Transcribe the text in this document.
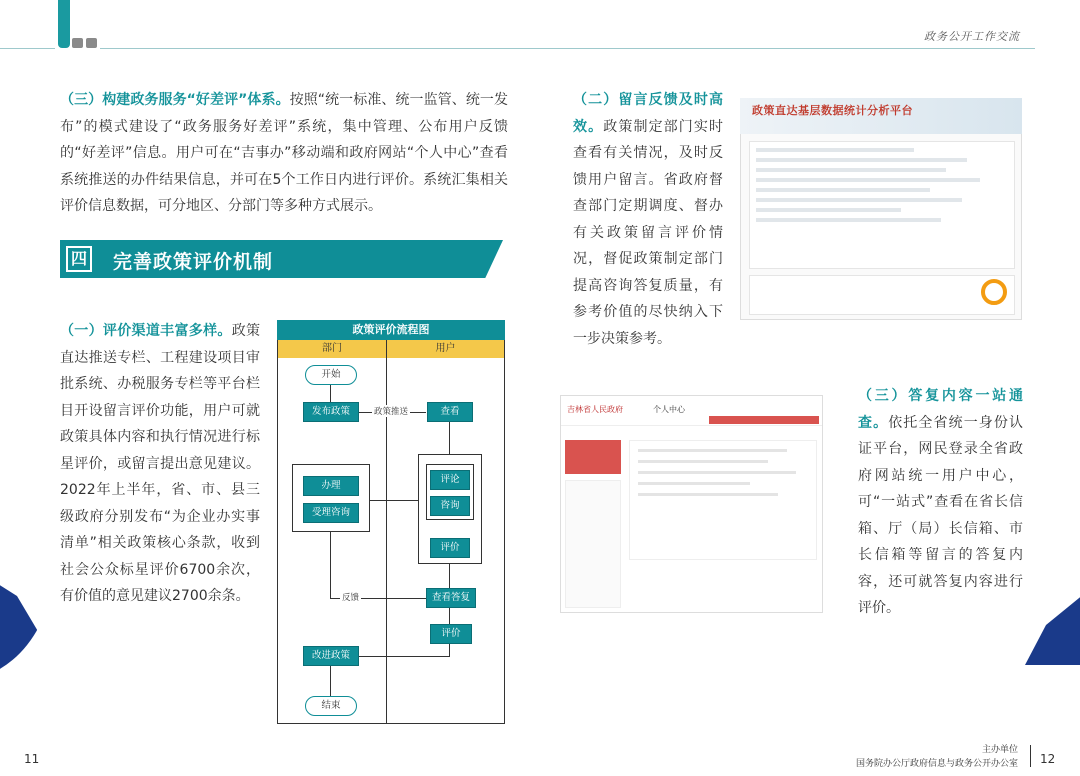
政务公开工作交流
（三）构建政务服务“好差评”体系。按照“统一标准、统一监管、统一发布”的模式建设了“政务服务好差评”系统，集中管理、公布用户反馈的“好差评”信息。用户可在“吉事办”移动端和政府网站“个人中心”查看系统推送的办件结果信息，并可在5个工作日内进行评价。系统汇集相关评价信息数据，可分地区、分部门等多种方式展示。
四 完善政策评价机制
（一）评价渠道丰富多样。政策直达推送专栏、工程建设项目审批系统、办税服务专栏等平台栏目开设留言评价功能，用户可就政策具体内容和执行情况进行标星评价，或留言提出意见建议。2022年上半年，省、市、县三级政府分别发布“为企业办实事清单”相关政策核心条款，收到社会公众标星评价6700余次，有价值的意见建议2700余条。
政策评价流程图
部门	用户
开始
发布政策	政策推送	查看
办理
受理咨询
评论
咨询
评价
反馈	查看答复
评价
改进政策
结束
（二）留言反馈及时高效。政策制定部门实时查看有关情况，及时反馈用户留言。省政府督查部门定期调度、督办有关政策留言评价情况，督促政策制定部门提高咨询答复质量，有参考价值的尽快纳入下一步决策参考。
政策直达基层数据统计分析平台
吉林省人民政府	个人中心
（三）答复内容一站通查。依托全省统一身份认证平台，网民登录全省政府网站统一用户中心，可“一站式”查看在省长信箱、厅（局）长信箱、市长信箱等留言的答复内容，还可就答复内容进行评价。
11
主办单位
国务院办公厅政府信息与政务公开办公室 12
